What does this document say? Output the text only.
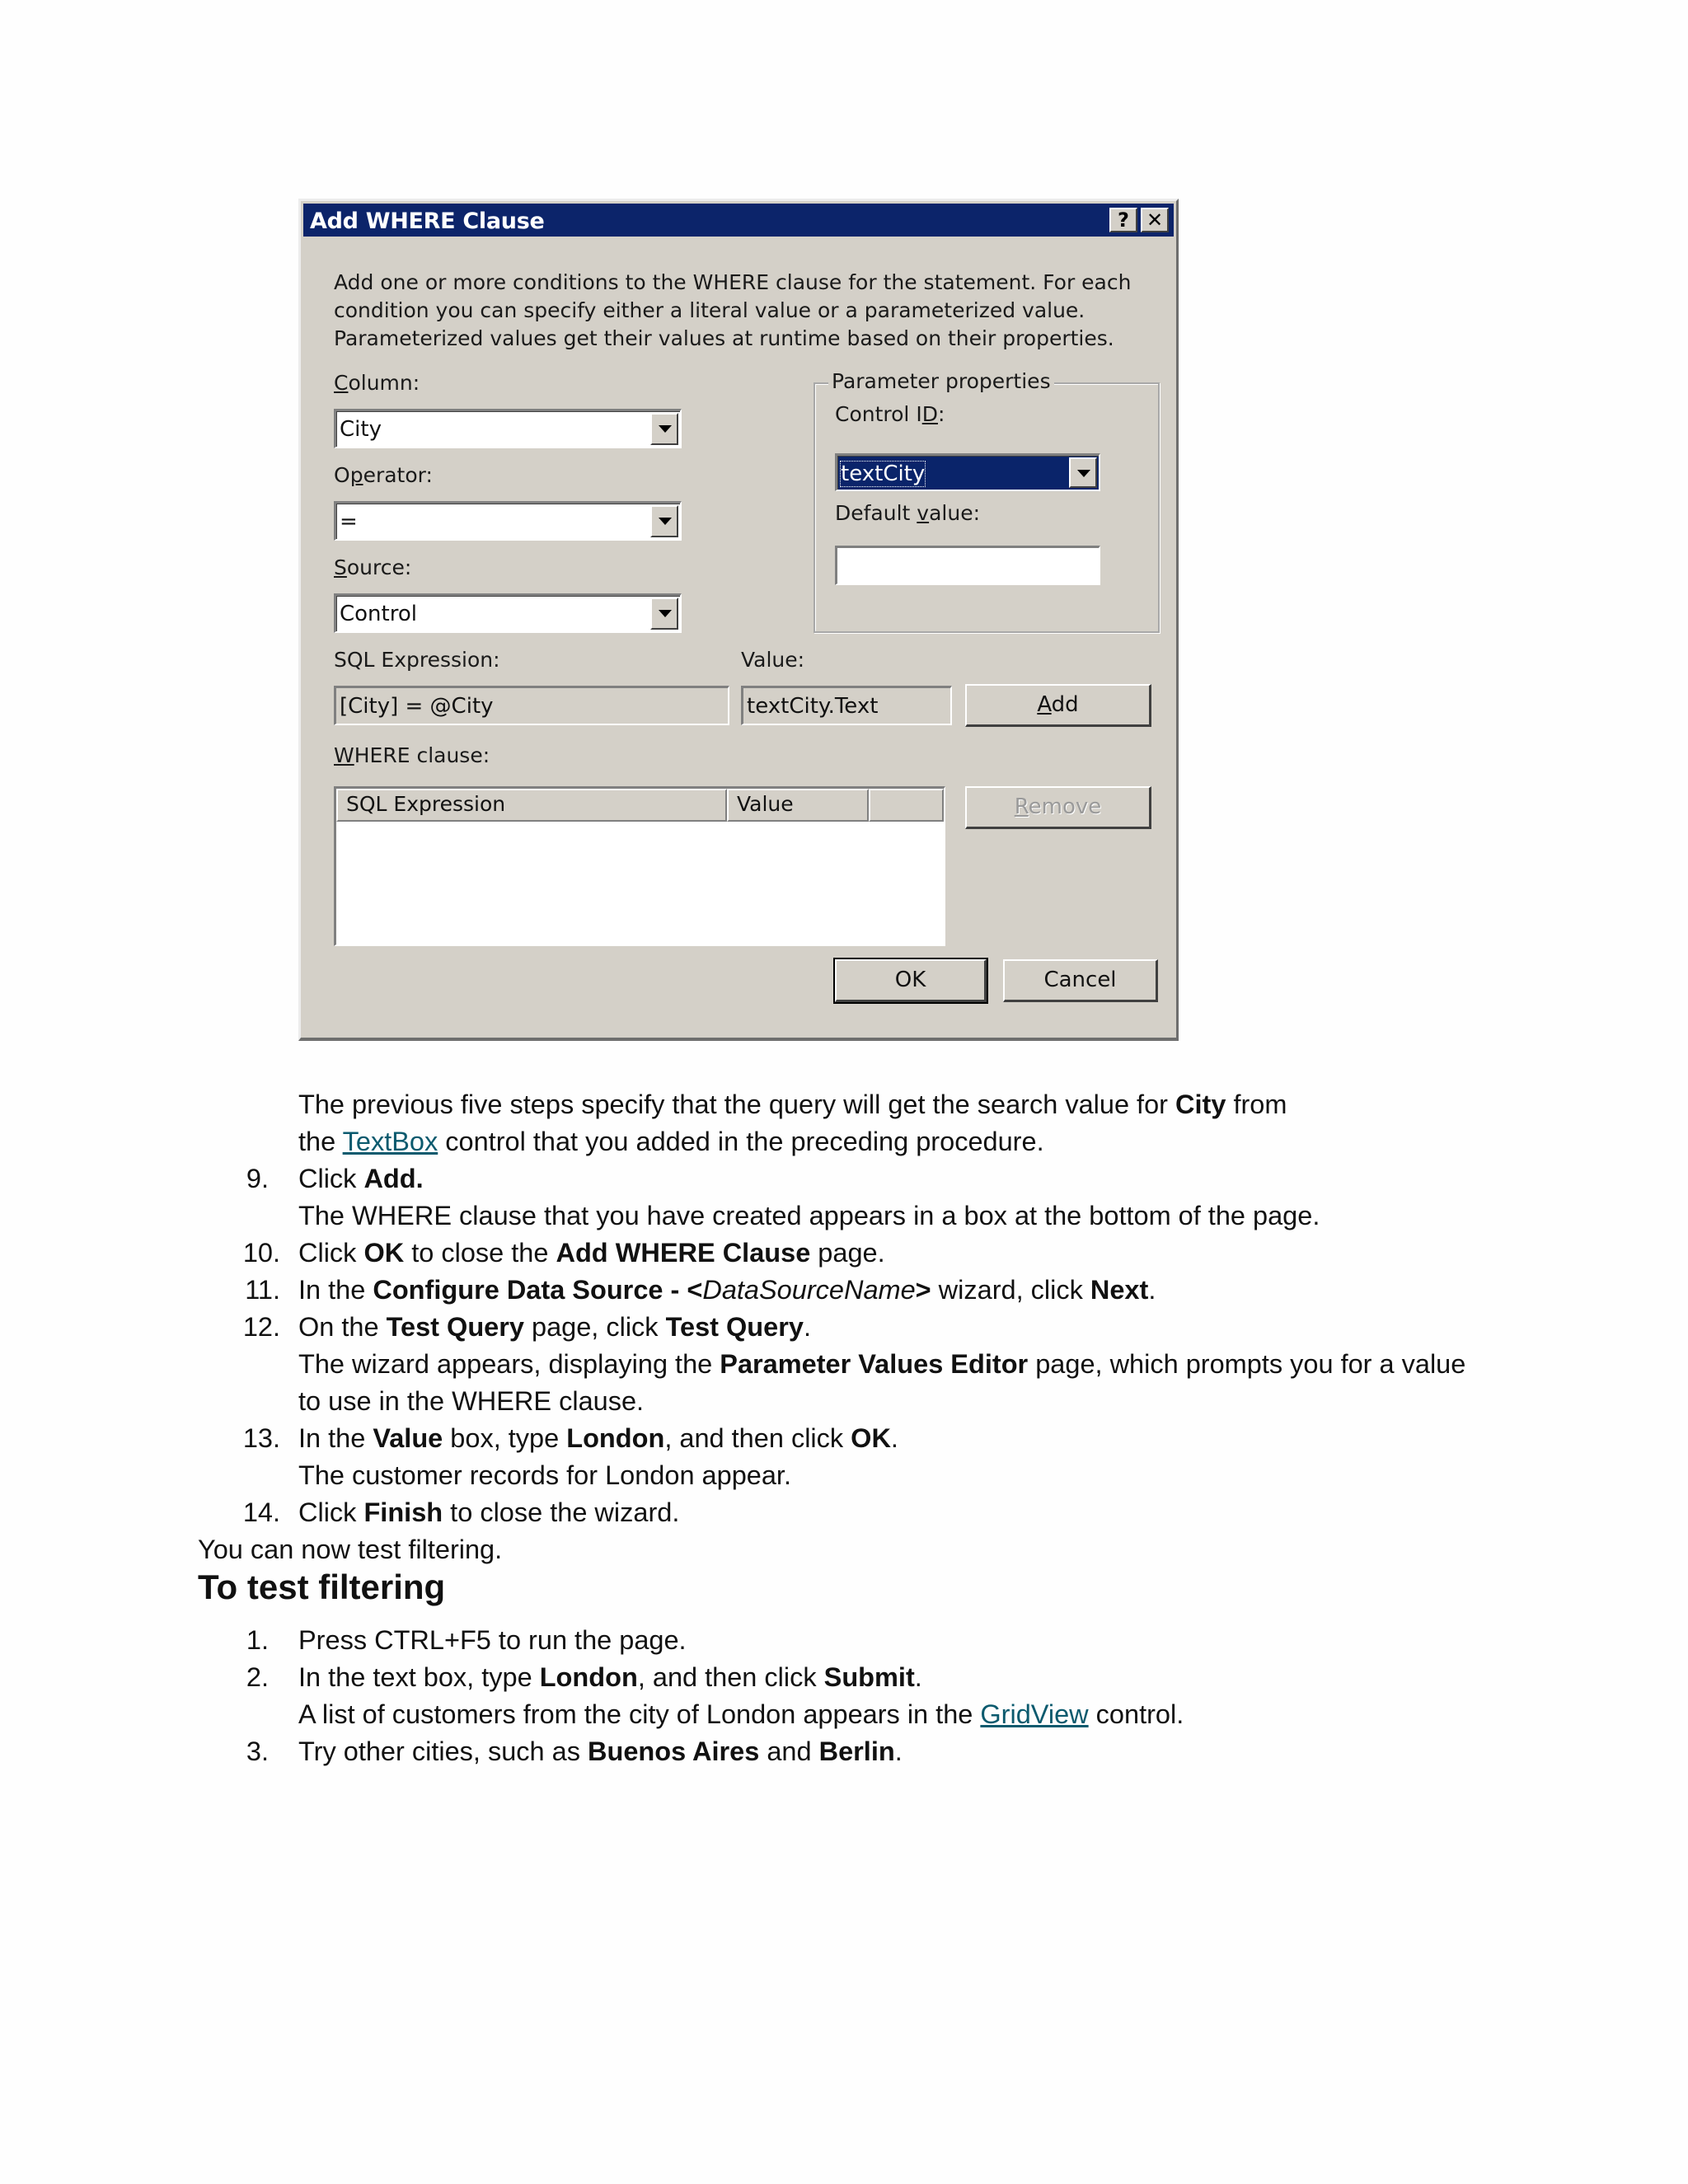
Add WHERE Clause	? ✕
Add one or more conditions to the WHERE clause for the statement. For each
condition you can specify either a literal value or a parameterized value.
Parameterized values get their values at runtime based on their properties.
Column:
City
Operator:
=
Source:
Control
Parameter properties
Control ID:
textCity
Default value:
SQL Expression:
[City] = @City
Value:
textCity.Text	Add
WHERE clause:
SQL Expression	Value	Remove
OK	Cancel
The previous five steps specify that the query will get the search value for City from
the TextBox control that you added in the preceding procedure.
9. Click Add.
The WHERE clause that you have created appears in a box at the bottom of the page.
10. Click OK to close the Add WHERE Clause page.
11. In the Configure Data Source - <DataSourceName> wizard, click Next.
12. On the Test Query page, click Test Query.
The wizard appears, displaying the Parameter Values Editor page, which prompts you for a value
to use in the WHERE clause.
13. In the Value box, type London, and then click OK.
The customer records for London appear.
14. Click Finish to close the wizard.
You can now test filtering.
To test filtering
1. Press CTRL+F5 to run the page.
2. In the text box, type London, and then click Submit.
A list of customers from the city of London appears in the GridView control.
3. Try other cities, such as Buenos Aires and Berlin.
